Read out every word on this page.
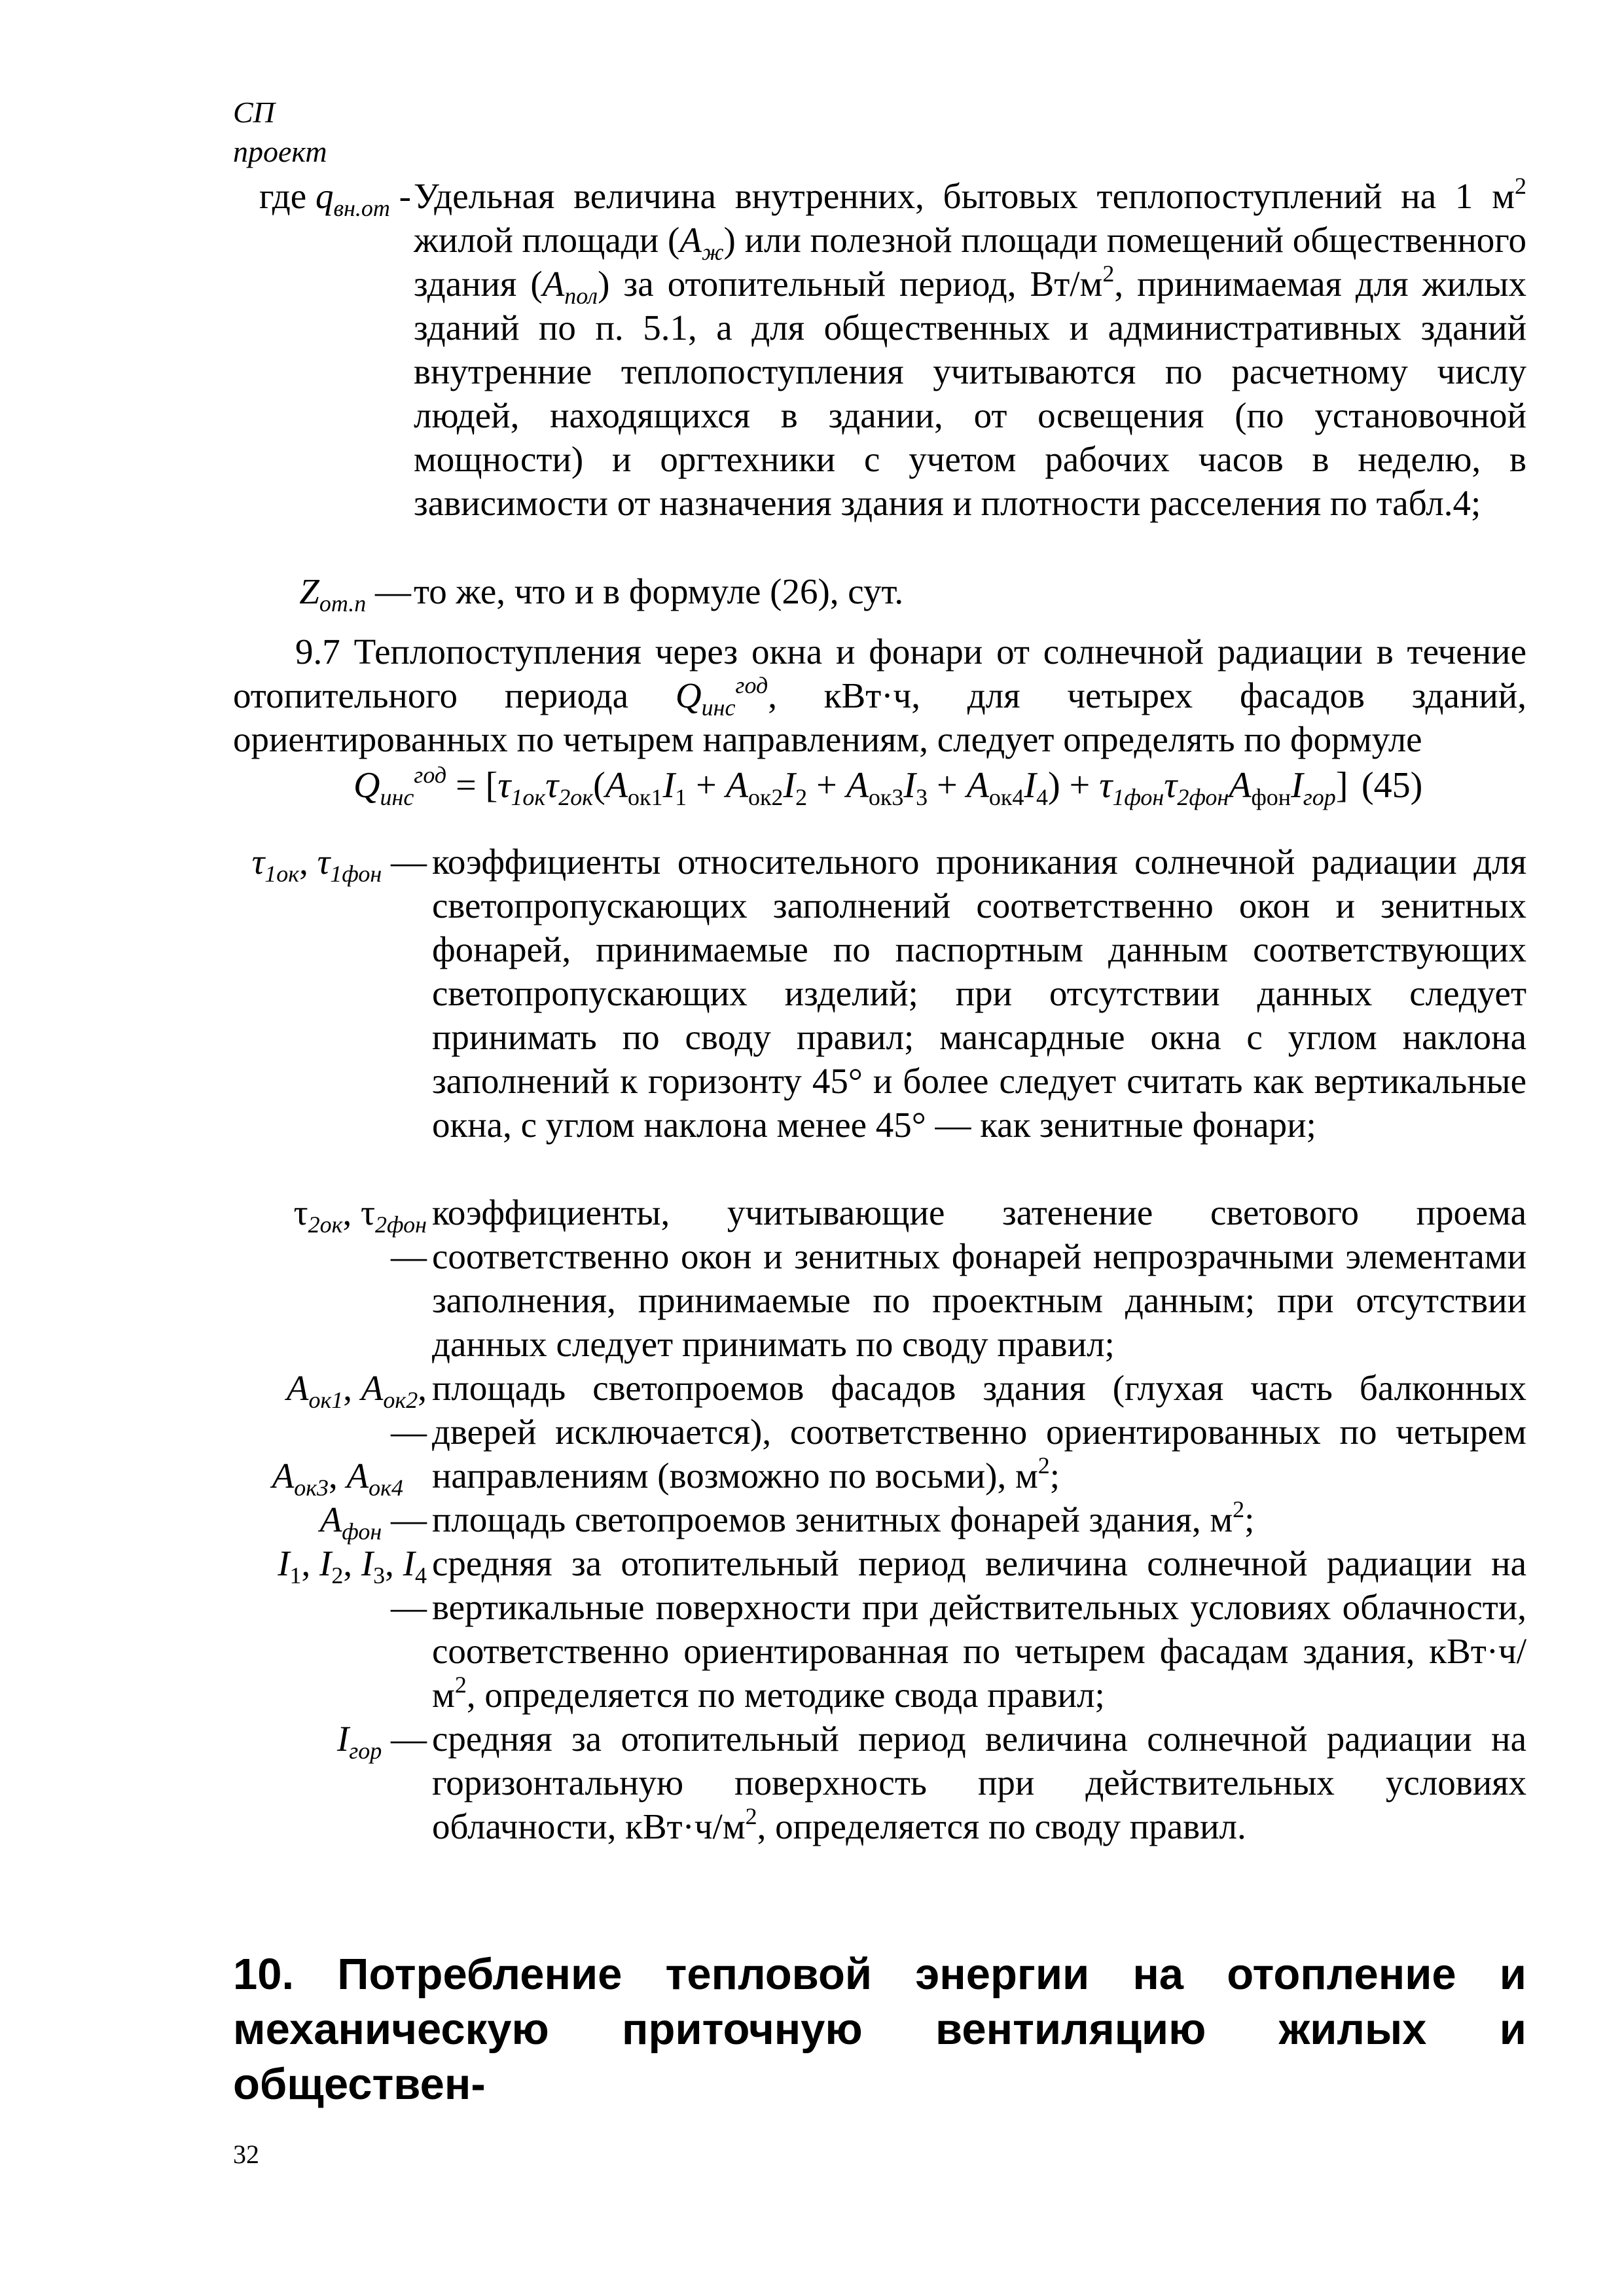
СП
проект
где $q_{вн.от}$ - Удельная величина внутренних, бытовых теплопоступлений на 1 $м^2$ жилой площади $(А_ж)$ или полезной площади помещений общественного здания $(А_{пол})$ за отопительный период, $Вт/м^2$, принимаемая для жилых зданий по п. 5.1, а для общественных и административных зданий внутренние теплопоступления учитываются по расчетному числу людей, находящихся в здании, от освещения (по установочной мощности) и оргтехники с учетом рабочих часов в неделю, в зависимости от назначения здания и плотности расселения по табл.4;
$Z_{от.п}$ — то же, что и в формуле (26), сут.
9.7 Теплопоступления через окна и фонари от солнечной радиации в течение отопительного периода $Q_{инс}^{год}$, кВт·ч, для четырех фасадов зданий, ориентированных по четырем направлениям, следует определять по формуле
$Q_{инс}^{год} = [\tau_{1ок}\tau_{2ок}(A_{ок1}I_1 + A_{ок2}I_2 + A_{ок3}I_3 + A_{ок4}I_4) + \tau_{1фон}\tau_{2фон}A_{фон}I_{гор}]$ (45)
$\tau_{1ок}$, $\tau_{1фон}$ — коэффициенты относительного проникания солнечной радиации для светопропускающих заполнений соответственно окон и зенитных фонарей, принимаемые по паспортным данным соответствующих светопропускающих изделий; при отсутствии данных следует принимать по своду правил; мансардные окна с углом наклона заполнений к горизонту 45° и более следует считать как вертикальные окна, с углом наклона менее 45° — как зенитные фонари;
$\tau_{2ок}$, $\tau_{2фон}$
—
коэффициенты, учитывающие затенение светового проема соответственно окон и зенитных фонарей непрозрачными элементами заполнения, принимаемые по проектным данным; при отсутствии данных следует принимать по своду правил;
$А_{ок1}$, $А_{ок2}$,
—
$А_{ок3}$, $А_{ок4}$
площадь светопроемов фасадов здания (глухая часть балконных дверей исключается), соответственно ориентированных по четырем направлениям (возможно по восьми), $м^2$;
$А_{фон}$ — площадь светопроемов зенитных фонарей здания, $м^2$;
$I_1$, $I_2$, $I_3$, $I_4$
—
средняя за отопительный период величина солнечной радиации на вертикальные поверхности при действительных условиях облачности, соответственно ориентированная по четырем фасадам здания, $кВт\cdot ч/м^2$, определяется по методике свода правил;
$I_{гор}$ — средняя за отопительный период величина солнечной радиации на горизонтальную поверхность при действительных условиях облачности, $кВт\cdot ч/м^2$, определяется по своду правил.
10. Потребление тепловой энергии на отопление и механическую приточную вентиляцию жилых и обществен-
32
